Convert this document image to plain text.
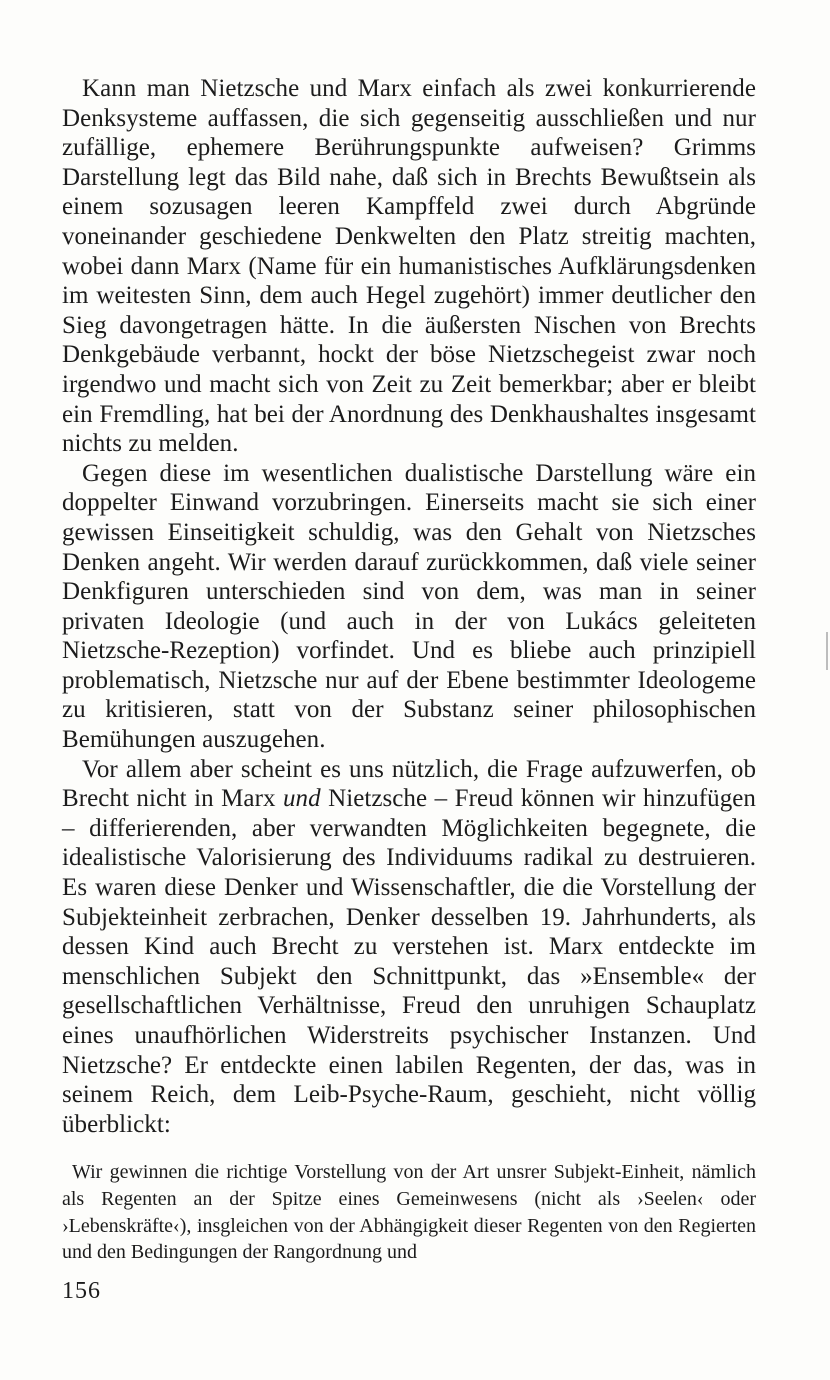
Kann man Nietzsche und Marx einfach als zwei konkurrierende Denksysteme auffassen, die sich gegenseitig ausschließen und nur zufällige, ephemere Berührungspunkte aufweisen? Grimms Darstellung legt das Bild nahe, daß sich in Brechts Bewußtsein als einem sozusagen leeren Kampffeld zwei durch Abgründe voneinander geschiedene Denkwelten den Platz streitig machten, wobei dann Marx (Name für ein humanistisches Aufklärungsdenken im weitesten Sinn, dem auch Hegel zugehört) immer deutlicher den Sieg davongetragen hätte. In die äußersten Nischen von Brechts Denkgebäude verbannt, hockt der böse Nietzschegeist zwar noch irgendwo und macht sich von Zeit zu Zeit bemerkbar; aber er bleibt ein Fremdling, hat bei der Anordnung des Denkhaushaltes insgesamt nichts zu melden.

Gegen diese im wesentlichen dualistische Darstellung wäre ein doppelter Einwand vorzubringen. Einerseits macht sie sich einer gewissen Einseitigkeit schuldig, was den Gehalt von Nietzsches Denken angeht. Wir werden darauf zurückkommen, daß viele seiner Denkfiguren unterschieden sind von dem, was man in seiner privaten Ideologie (und auch in der von Lukács geleiteten Nietzsche-Rezeption) vorfindet. Und es bliebe auch prinzipiell problematisch, Nietzsche nur auf der Ebene bestimmter Ideologeme zu kritisieren, statt von der Substanz seiner philosophischen Bemühungen auszugehen.

Vor allem aber scheint es uns nützlich, die Frage aufzuwerfen, ob Brecht nicht in Marx und Nietzsche – Freud können wir hinzufügen – differierenden, aber verwandten Möglichkeiten begegnete, die idealistische Valorisierung des Individuums radikal zu destruieren. Es waren diese Denker und Wissenschaftler, die die Vorstellung der Subjekteinheit zerbrachen, Denker desselben 19. Jahrhunderts, als dessen Kind auch Brecht zu verstehen ist. Marx entdeckte im menschlichen Subjekt den Schnittpunkt, das »Ensemble« der gesellschaftlichen Verhältnisse, Freud den unruhigen Schauplatz eines unaufhörlichen Widerstreits psychischer Instanzen. Und Nietzsche? Er entdeckte einen labilen Regenten, der das, was in seinem Reich, dem Leib-Psyche-Raum, geschieht, nicht völlig überblickt:

Wir gewinnen die richtige Vorstellung von der Art unsrer Subjekt-Einheit, nämlich als Regenten an der Spitze eines Gemeinwesens (nicht als ›Seelen‹ oder ›Lebenskräfte‹), insgleichen von der Abhängigkeit dieser Regenten von den Regierten und den Bedingungen der Rangordnung und

156
